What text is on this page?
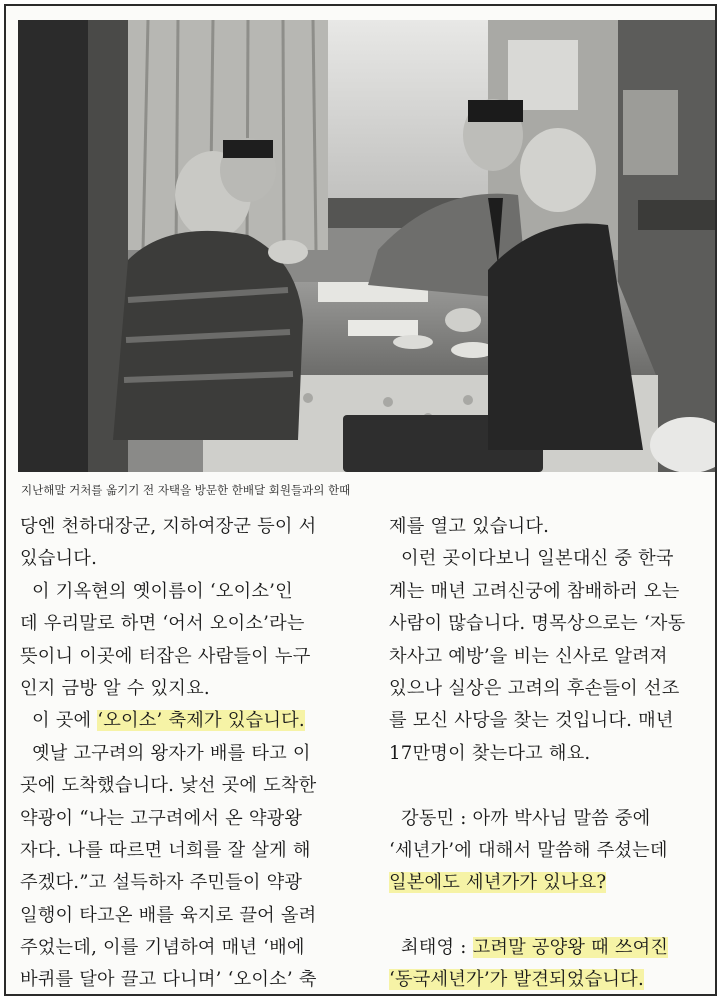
지난해말 거처를 옮기기 전 자택을 방문한 한배달 회원들과의 한때
당엔 천하대장군, 지하여장군 등이 서
있습니다.
이 기옥현의 옛이름이 ‘오이소’인
데 우리말로 하면 ‘어서 오이소’라는
뜻이니 이곳에 터잡은 사람들이 누구
인지 금방 알 수 있지요.
이 곳에 ‘오이소’ 축제가 있습니다.
옛날 고구려의 왕자가 배를 타고 이
곳에 도착했습니다. 낯선 곳에 도착한
약광이 “나는 고구려에서 온 약광왕
자다. 나를 따르면 너희를 잘 살게 해
주겠다.”고 설득하자 주민들이 약광
일행이 타고온 배를 육지로 끌어 올려
주었는데, 이를 기념하여 매년 ‘배에
바퀴를 달아 끌고 다니며’ ‘오이소’ 축
제를 열고 있습니다.
이런 곳이다보니 일본대신 중 한국
계는 매년 고려신궁에 참배하러 오는
사람이 많습니다. 명목상으로는 ‘자동
차사고 예방’을 비는 신사로 알려져
있으나 실상은 고려의 후손들이 선조
를 모신 사당을 찾는 것입니다. 매년
17만명이 찾는다고 해요.
강동민 : 아까 박사님 말씀 중에
‘세년가’에 대해서 말씀해 주셨는데
일본에도 세년가가 있나요?
최태영 : 고려말 공양왕 때 쓰여진
‘동국세년가’가 발견되었습니다.
